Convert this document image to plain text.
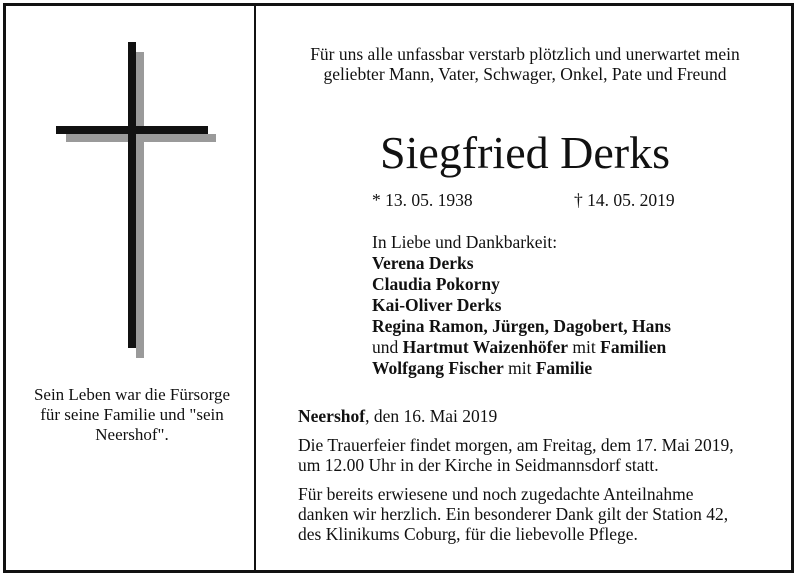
Sein Leben war die Fürsorge
für seine Familie und "sein
Neershof".
Für uns alle unfassbar verstarb plötzlich und unerwartet mein
geliebter Mann, Vater, Schwager, Onkel, Pate und Freund
Siegfried Derks
* 13. 05. 1938	† 14. 05. 2019
In Liebe und Dankbarkeit:
Verena Derks
Claudia Pokorny
Kai-Oliver Derks
Regina Ramon, Jürgen, Dagobert, Hans
und Hartmut Waizenhöfer mit Familien
Wolfgang Fischer mit Familie
Neershof, den 16. Mai 2019
Die Trauerfeier findet morgen, am Freitag, dem 17. Mai 2019,
um 12.00 Uhr in der Kirche in Seidmannsdorf statt.
Für bereits erwiesene und noch zugedachte Anteilnahme
danken wir herzlich. Ein besonderer Dank gilt der Station 42,
des Klinikums Coburg, für die liebevolle Pflege.
